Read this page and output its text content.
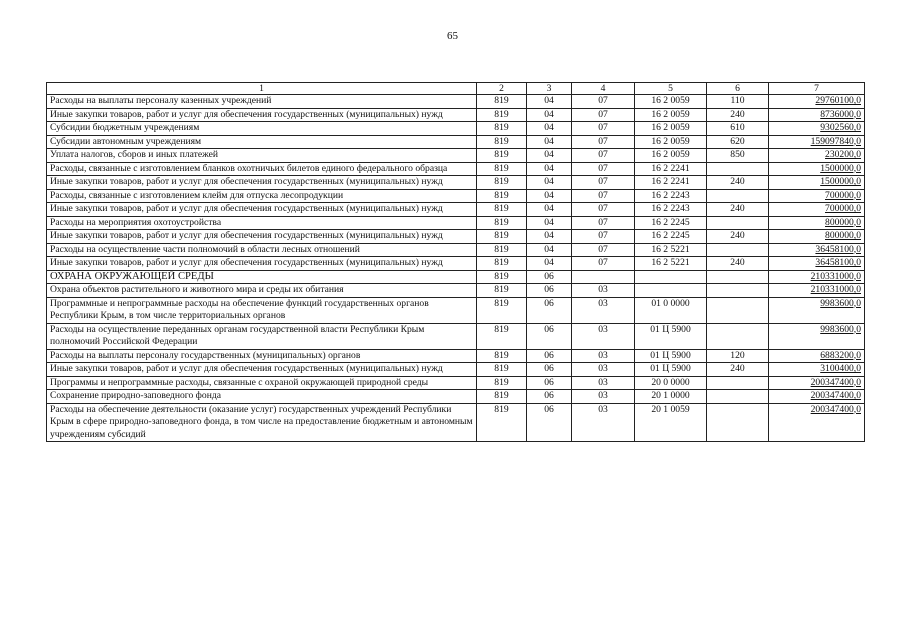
65
1	2	3	4	5	6	7
Расходы на выплаты персоналу казенных учреждений	819	04	07	16 2 0059	110	29760100,0
Иные закупки товаров, работ и услуг для обеспечения государственных (муниципальных) нужд	819	04	07	16 2 0059	240	8736000,0
Субсидии бюджетным учреждениям	819	04	07	16 2 0059	610	9302560,0
Субсидии автономным учреждениям	819	04	07	16 2 0059	620	159097840,0
Уплата налогов, сборов и иных платежей	819	04	07	16 2 0059	850	230200,0
Расходы, связанные с изготовлением бланков охотничьих билетов единого федерального образца	819	04	07	16 2 2241		1500000,0
Иные закупки товаров, работ и услуг для обеспечения государственных (муниципальных) нужд	819	04	07	16 2 2241	240	1500000,0
Расходы, связанные с изготовлением клейм для отпуска лесопродукции	819	04	07	16 2 2243		700000,0
Иные закупки товаров, работ и услуг для обеспечения государственных (муниципальных) нужд	819	04	07	16 2 2243	240	700000,0
Расходы на мероприятия охотоустройства	819	04	07	16 2 2245		800000,0
Иные закупки товаров, работ и услуг для обеспечения государственных (муниципальных) нужд	819	04	07	16 2 2245	240	800000,0
Расходы на осуществление части полномочий в области лесных отношений	819	04	07	16 2 5221		36458100,0
Иные закупки товаров, работ и услуг для обеспечения государственных (муниципальных) нужд	819	04	07	16 2 5221	240	36458100,0
ОХРАНА ОКРУЖАЮЩЕЙ СРЕДЫ	819	06				210331000,0
Охрана объектов растительного и животного мира и среды их обитания	819	06	03			210331000,0
Программные и непрограммные расходы на обеспечение функций государственных органов Республики Крым, в том числе территориальных органов	819	06	03	01 0 0000		9983600,0
Расходы на осуществление переданных органам государственной власти Республики Крым полномочий Российской Федерации	819	06	03	01 Ц 5900		9983600,0
Расходы на выплаты персоналу государственных (муниципальных) органов	819	06	03	01 Ц 5900	120	6883200,0
Иные закупки товаров, работ и услуг для обеспечения государственных (муниципальных) нужд	819	06	03	01 Ц 5900	240	3100400,0
Программы и непрограммные расходы, связанные с охраной окружающей природной среды	819	06	03	20 0 0000		200347400,0
Сохранение природно-заповедного фонда	819	06	03	20 1 0000		200347400,0
Расходы на обеспечение деятельности (оказание услуг) государственных учреждений Республики Крым в сфере природно-заповедного фонда, в том числе на предоставление бюджетным и автономным учреждениям субсидий	819	06	03	20 1 0059		200347400,0
